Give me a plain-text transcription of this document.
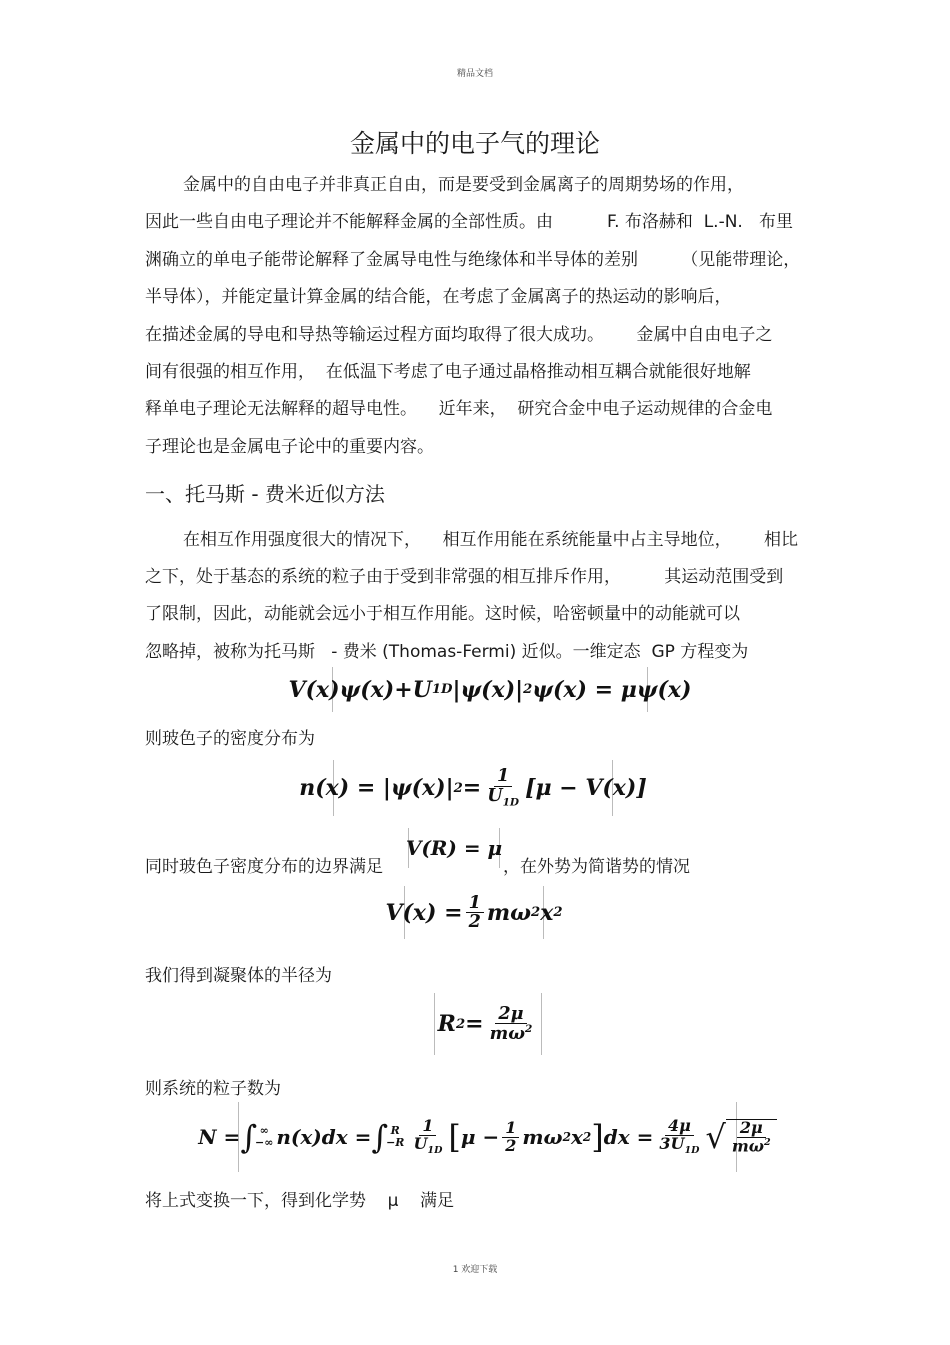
精品文档
金属中的电子气的理论
金属中的自由电子并非真正自由，而是要受到金属离子的周期势场的作用，
因此一些自由电子理论并不能解释金属的全部性质。由          F. 布洛赫和  L.-N.   布里
渊确立的单电子能带论解释了金属导电性与绝缘体和半导体的差别        （见能带理论，
半导体），并能定量计算金属的结合能，在考虑了金属离子的热运动的影响后，
在描述金属的导电和导热等输运过程方面均取得了很大成功。      金属中自由电子之
间有很强的相互作用，  在低温下考虑了电子通过晶格推动相互耦合就能很好地解
释单电子理论无法解释的超导电性。    近年来，  研究合金中电子运动规律的合金电
子理论也是金属电子论中的重要内容。
一、托马斯 - 费米近似方法
在相互作用强度很大的情况下，    相互作用能在系统能量中占主导地位，      相比
之下，处于基态的系统的粒子由于受到非常强的相互排斥作用，        其运动范围受到
了限制，因此，动能就会远小于相互作用能。这时候，哈密顿量中的动能就可以
忽略掉，被称为托马斯   - 费米 (Thomas-Fermi) 近似。一维定态  GP 方程变为
V(x)ψ(x)+U 1D |ψ(x)| 2 ψ(x) = μψ(x)
则玻色子的密度分布为
n(x) = |ψ(x)| $2 = \frac{1}{U_{1D}} [\mu - V(x)]$
同时玻色子密度分布的边界满足
V(R) = μ
，在外势为简谐势的情况
$V(x) = \frac{1}{2}$ mω 2 x 2
我们得到凝聚体的半径为
R $2 = \frac{2\mu}{m\omega^2}$
则系统的粒子数为
N = ∫ ∞
−∞ n(x)dx = ∫ R
$-R \frac{1}{U_{1D}}$ [ $\mu - \frac{1}{2}$ mω 2 x 2 ] dx = $\frac{4\mu}{3U_{1D}}$ √ $\frac{2\mu}{m\omega^2}$
将上式变换一下，得到化学势    μ    满足
1 欢迎下载
